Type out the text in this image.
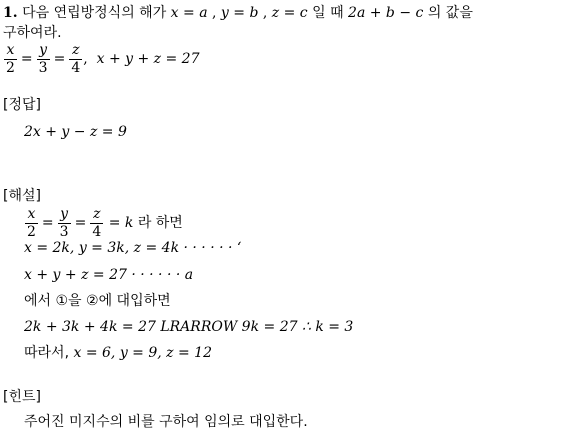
1. 다음 연립방정식의 해가 x = a , y = b , z = c 일 때 2a + b − c 의 값을
구하여라.
$\frac{x}{2} = \frac{y}{3} = \frac{z}{4}$ ,  x + y + z = 27
[정답]
2x + y − z = 9
[해설]
$\frac{x}{2} = \frac{y}{3} = \frac{z}{4} = k$ 라 하면
x = 2k, y = 3k, z = 4k · · · · · · ‘
x + y + z = 27 · · · · · · a
에서 ①을 ②에 대입하면
2k + 3k + 4k = 27 LRARROW 9k = 27 ∴ k = 3
따라서, x = 6, y = 9, z = 12
[힌트]
주어진 미지수의 비를 구하여 임의로 대입한다.
